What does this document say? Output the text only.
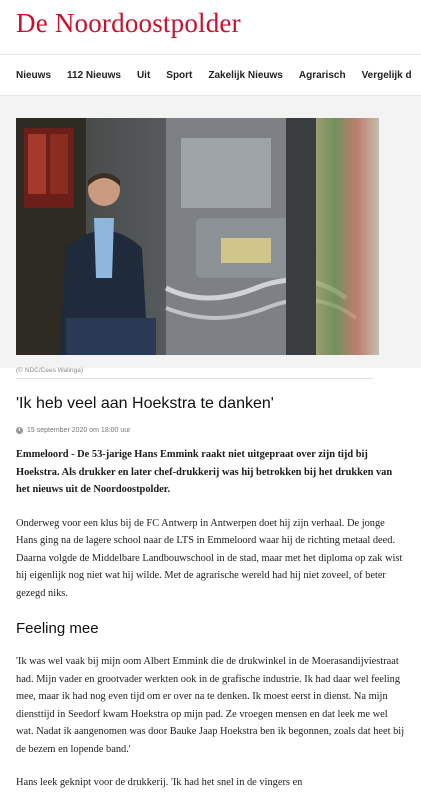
De Noordoostpolder
Nieuws 112 Nieuws Uit Sport Zakelijk Nieuws Agrarisch Vergelijk d
(© NDC/Cees Walinga)
'Ik heb veel aan Hoekstra te danken'
15 september 2020 om 18:00 uur

Emmeloord - De 53-jarige Hans Emmink raakt niet uitgepraat over zijn tijd bij Hoekstra. Als drukker en later chef-drukkerij was hij betrokken bij het drukken van het nieuws uit de Noordoostpolder.

Onderweg voor een klus bij de FC Antwerp in Antwerpen doet hij zijn verhaal. De jonge Hans ging na de lagere school naar de LTS in Emmeloord waar hij de richting metaal deed. Daarna volgde de Middelbare Landbouwschool in de stad, maar met het diploma op zak wist hij eigenlijk nog niet wat hij wilde. Met de agrarische wereld had hij niet zoveel, of beter gezegd niks.

Feeling mee

'Ik was wel vaak bij mijn oom Albert Emmink die de drukwinkel in de Moerasandijviestraat had. Mijn vader en grootvader werkten ook in de grafische industrie. Ik had daar wel feeling mee, maar ik had nog even tijd om er over na te denken. Ik moest eerst in dienst. Na mijn diensttijd in Seedorf kwam Hoekstra op mijn pad. Ze vroegen mensen en dat leek me wel wat. Nadat ik aangenomen was door Bauke Jaap Hoekstra ben ik begonnen, zoals dat heet bij de bezem en lopende band.'

Hans leek geknipt voor de drukkerij. 'Ik had het snel in de vingers en
